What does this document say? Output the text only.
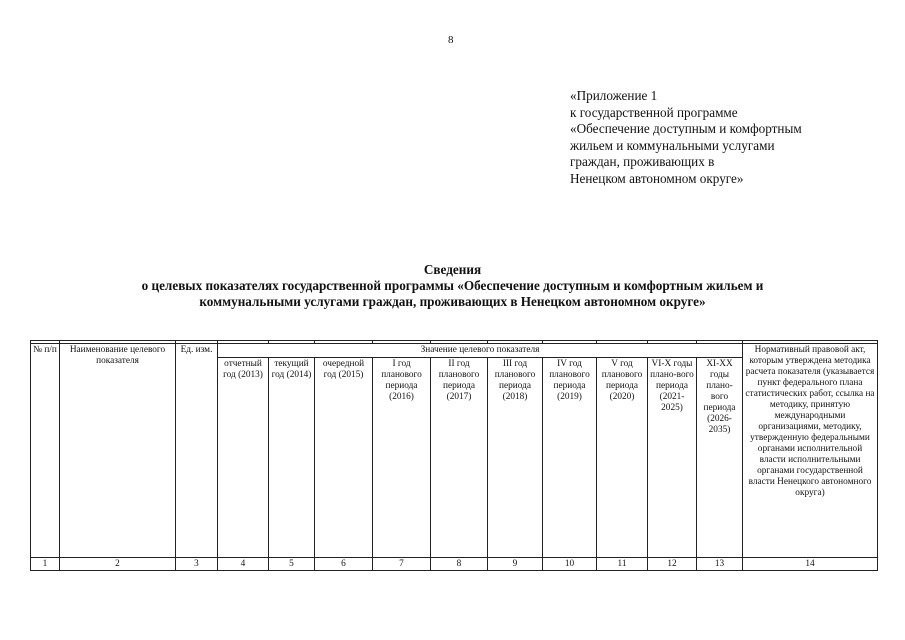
8
«Приложение 1
к государственной программе
«Обеспечение доступным и комфортным
жильем и коммунальными услугами
граждан, проживающих в
Ненецком автономном округе»
Сведения
о целевых показателях государственной программы «Обеспечение доступным и комфортным жильем и
коммунальными услугами граждан, проживающих в Ненецком автономном округе»

№ п/п	Наименование целевого показателя	Ед. изм.	Значение целевого показателя										Нормативный правовой акт, которым утверждена методика расчета показателя (указывается пункт федерального плана статистических работ, ссылка на методику, принятую международными организациями, методику, утвержденную федеральными органами исполнительной власти исполнительными органами государственной власти Ненецкого автономного округа)
			отчетный год (2013)	текущий год (2014)	очередной год (2015)	I год планового периода (2016)	II год планового периода (2017)	III год планового периода (2018)	IV год планового периода (2019)	V год планового периода (2020)	VI-X годы плано-вого периода (2021-2025)	XI-XX годы плано-вого периода (2026-2035)	
1	2	3	4	5	6	7	8	9	10	11	12	13	14
